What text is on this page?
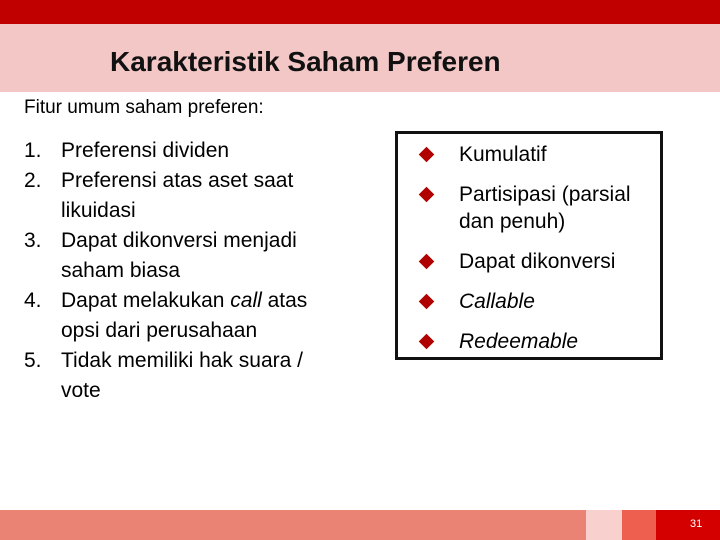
Karakteristik Saham Preferen
Fitur umum saham preferen:
1. Preferensi dividen
2. Preferensi atas aset saat
likuidasi
3. Dapat dikonversi menjadi
saham biasa
4. Dapat melakukan call atas
opsi dari perusahaan
5. Tidak memiliki hak suara /
vote
Kumulatif
Partisipasi (parsial
dan penuh)
Dapat dikonversi
Callable
Redeemable
31
